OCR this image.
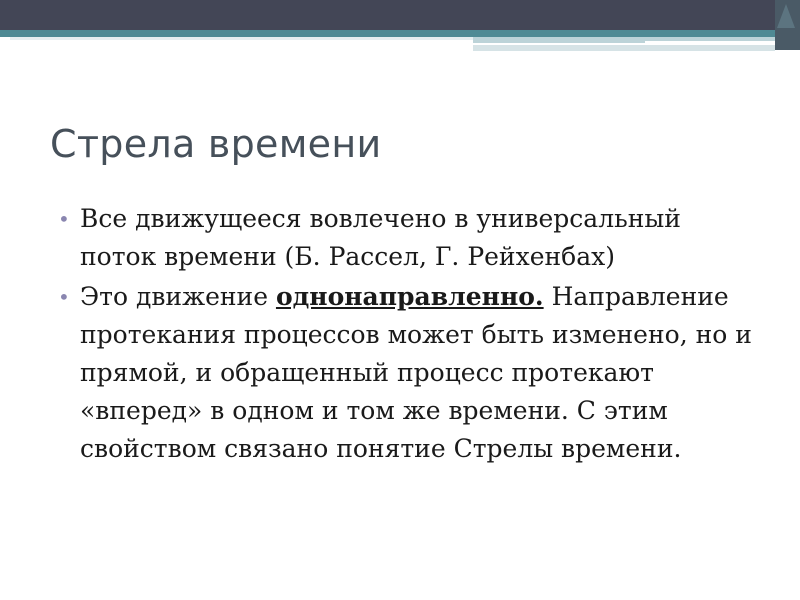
Стрела времени
• Все движущееся вовлечено в универсальный поток времени (Б. Рассел, Г. Рейхенбах)
• Это движение однонаправленно. Направление протекания процессов может быть изменено, но и прямой, и обращенный процесс протекают «вперед» в одном и том же времени. С этим свойством связано понятие Стрелы времени.
